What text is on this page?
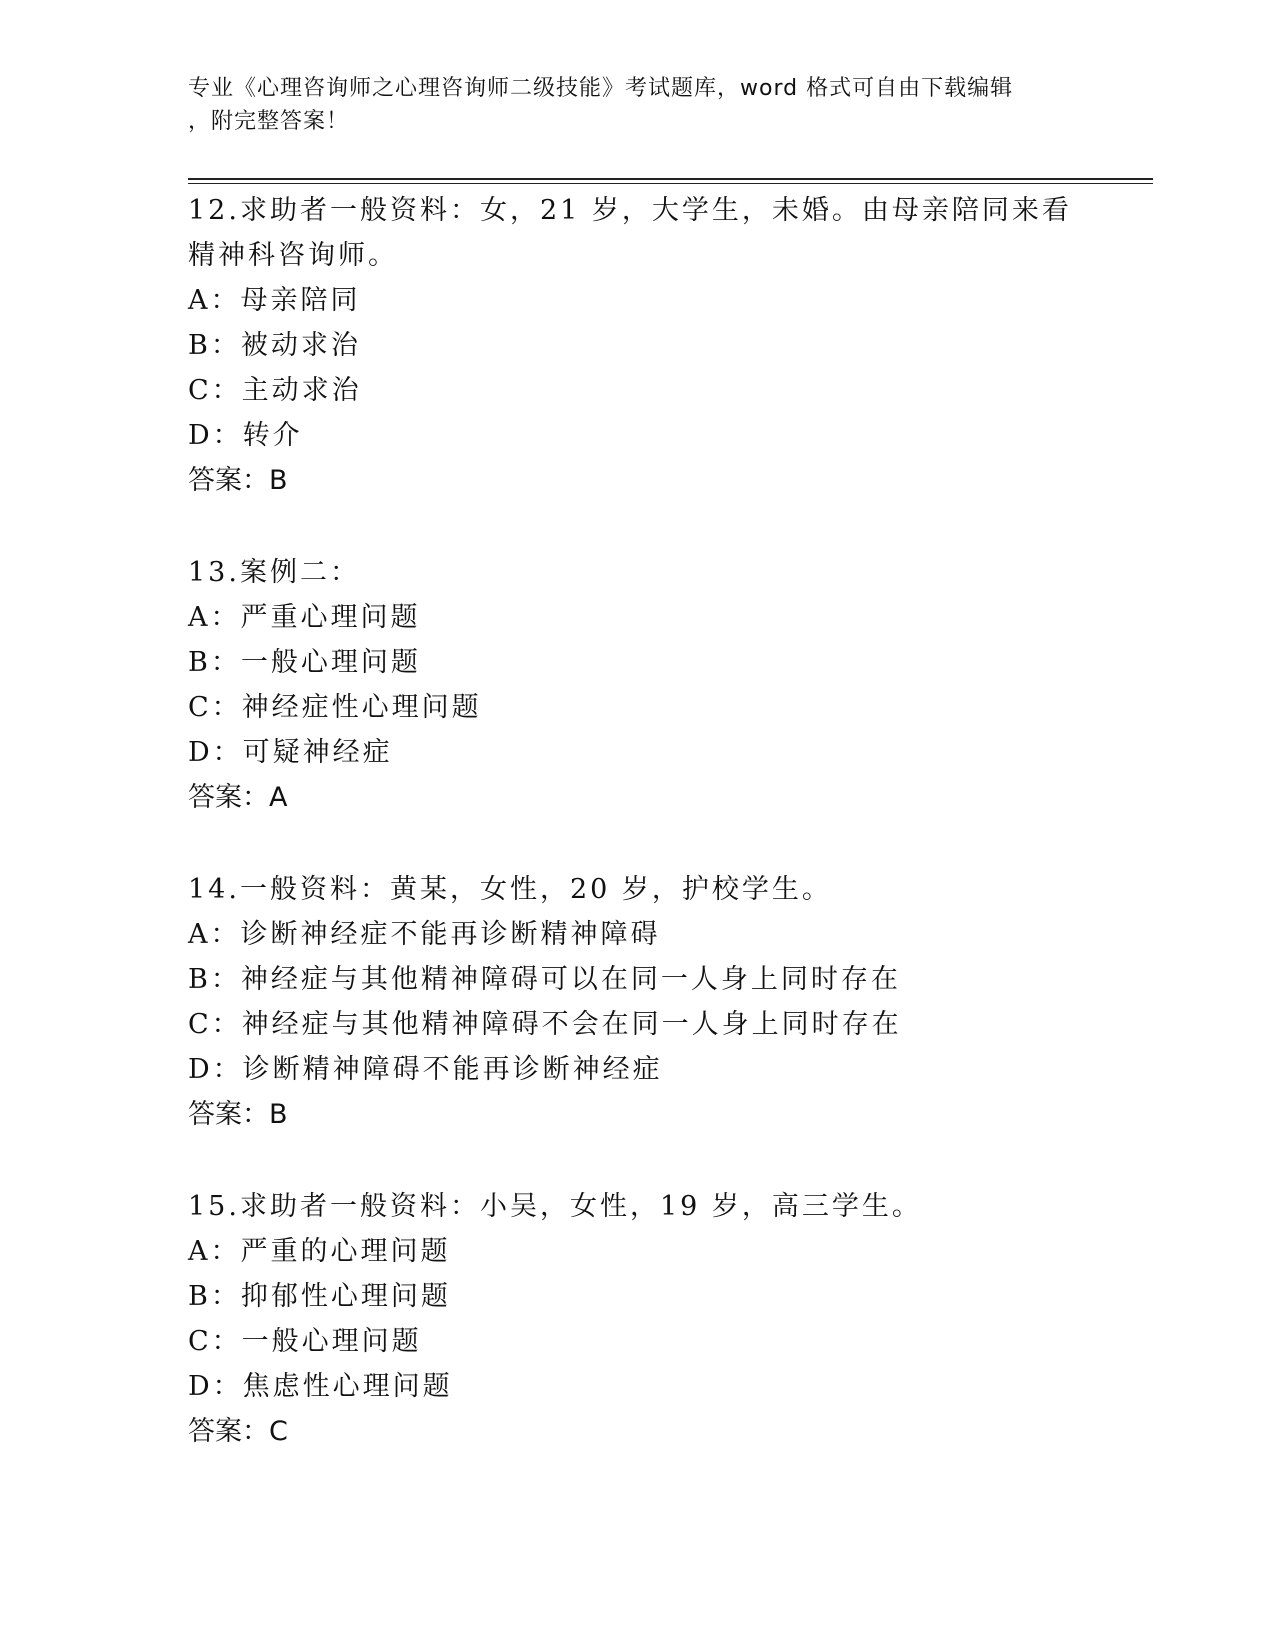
专业《心理咨询师之心理咨询师二级技能》考试题库，word 格式可自由下载编辑
，附完整答案！
12.求助者一般资料：女，21 岁，大学生，未婚。由母亲陪同来看精神科咨询师。
A：母亲陪同
B：被动求治
C：主动求治
D：转介
答案：B
13.案例二：
A：严重心理问题
B：一般心理问题
C：神经症性心理问题
D：可疑神经症
答案：A
14.一般资料：黄某，女性，20 岁，护校学生。
A：诊断神经症不能再诊断精神障碍
B：神经症与其他精神障碍可以在同一人身上同时存在
C：神经症与其他精神障碍不会在同一人身上同时存在
D：诊断精神障碍不能再诊断神经症
答案：B
15.求助者一般资料：小吴，女性，19 岁，高三学生。
A：严重的心理问题
B：抑郁性心理问题
C：一般心理问题
D：焦虑性心理问题
答案：C
